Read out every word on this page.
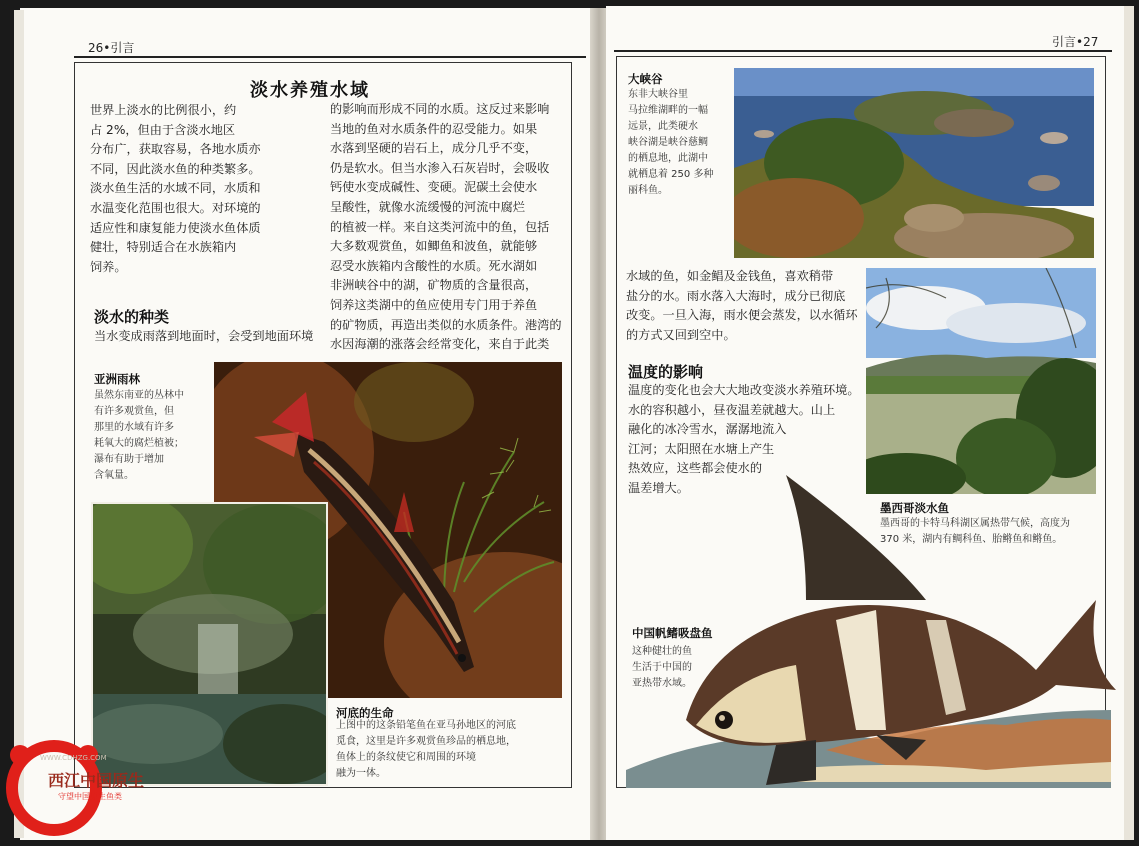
26•引言
淡水养殖水域
世界上淡水的比例很小，约
占 2%，但由于含淡水地区
分布广，获取容易，各地水质亦
不同，因此淡水鱼的种类繁多。
淡水鱼生活的水域不同，水质和
水温变化范围也很大。对环境的
适应性和康复能力使淡水鱼体质
健壮，特别适合在水族箱内
饲养。
的影响而形成不同的水质。这反过来影响
当地的鱼对水质条件的忍受能力。如果
水落到坚硬的岩石上，成分几乎不变，
仍是软水。但当水渗入石灰岩时，会吸收
钙使水变成碱性、变硬。泥碳土会使水
呈酸性，就像水流缓慢的河流中腐烂
的植被一样。来自这类河流中的鱼，包括
大多数观赏鱼，如鲫鱼和波鱼，就能够
忍受水族箱内含酸性的水质。死水湖如
非洲峡谷中的湖，矿物质的含量很高，
饲养这类湖中的鱼应使用专门用于养鱼
的矿物质，再造出类似的水质条件。港湾的
水因海潮的涨落会经常变化，来自于此类
淡水的种类
当水变成雨落到地面时，会受到地面环境
亚洲雨林
虽然东南亚的丛林中
有许多观赏鱼，但
那里的水域有许多
耗氧大的腐烂植被；
瀑布有助于增加
含氧量。
河底的生命
上图中的这条铅笔鱼在亚马孙地区的河底
觅食，这里是许多观赏鱼珍品的栖息地，
鱼体上的条纹使它和周围的环境
融为一体。
WWW.CDHZG.COM
西江中国原生
守望中国原生鱼类
引言•27
大峡谷
东非大峡谷里
马拉维湖畔的一幅
远景，此类硬水
峡谷湖是峡谷慈鲷
的栖息地，此湖中
就栖息着 250 多种
丽科鱼。
水域的鱼，如金鲳及金钱鱼，喜欢稍带
盐分的水。雨水落入大海时，成分已彻底
改变。一旦入海，雨水便会蒸发，以水循环
的方式又回到空中。
温度的影响
温度的变化也会大大地改变淡水养殖环境。
水的容积越小，昼夜温差就越大。山上
融化的冰冷雪水，潺潺地流入
江河；太阳照在水塘上产生
热效应，这些都会使水的
温差增大。
墨西哥淡水鱼
墨西哥的卡特马科湖区属热带气候，高度为
370 米，湖内有鲷科鱼、胎鳉鱼和鳉鱼。
中国帆鳍吸盘鱼
这种健壮的鱼
生活于中国的
亚热带水域。
